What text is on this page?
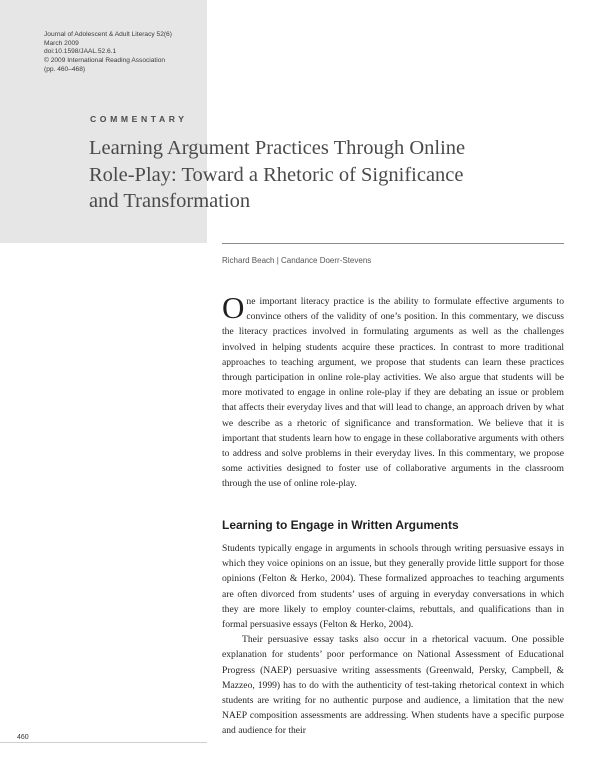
Journal of Adolescent & Adult Literacy 52(6)
March 2009
doi:10.1598/JAAL.52.6.1
© 2009 International Reading Association
(pp. 460–468)
COMMENTARY
Learning Argument Practices Through Online
Role-Play: Toward a Rhetoric of Significance
and Transformation
Richard Beach | Candance Doerr-Stevens

One important literacy practice is the ability to formulate effective arguments to convince others of the validity of one’s position. In this commentary, we discuss the literacy practices involved in formulating arguments as well as the challenges involved in helping students acquire these practices. In contrast to more traditional approaches to teaching argument, we propose that students can learn these practices through participation in online role-play activities. We also argue that students will be more motivated to engage in online role-play if they are debating an issue or problem that affects their everyday lives and that will lead to change, an approach driven by what we describe as a rhetoric of significance and transformation. We believe that it is important that students learn how to engage in these collaborative arguments with others to address and solve problems in their everyday lives. In this commentary, we propose some activities designed to foster use of collaborative arguments in the classroom through the use of online role-play.

Learning to Engage in Written Arguments

Students typically engage in arguments in schools through writing persuasive essays in which they voice opinions on an issue, but they generally provide little support for those opinions (Felton & Herko, 2004). These formalized approaches to teaching arguments are often divorced from students’ uses of arguing in everyday conversations in which they are more likely to employ counter-claims, rebuttals, and qualifications than in formal persuasive essays (Felton & Herko, 2004).

Their persuasive essay tasks also occur in a rhetorical vacuum. One possible explanation for students’ poor performance on National Assessment of Educational Progress (NAEP) persuasive writing assessments (Greenwald, Persky, Campbell, & Mazzeo, 1999) has to do with the authenticity of test-taking rhetorical context in which students are writing for no authentic purpose and audience, a limitation that the new NAEP composition assessments are addressing. When students have a specific purpose and audience for their

460
